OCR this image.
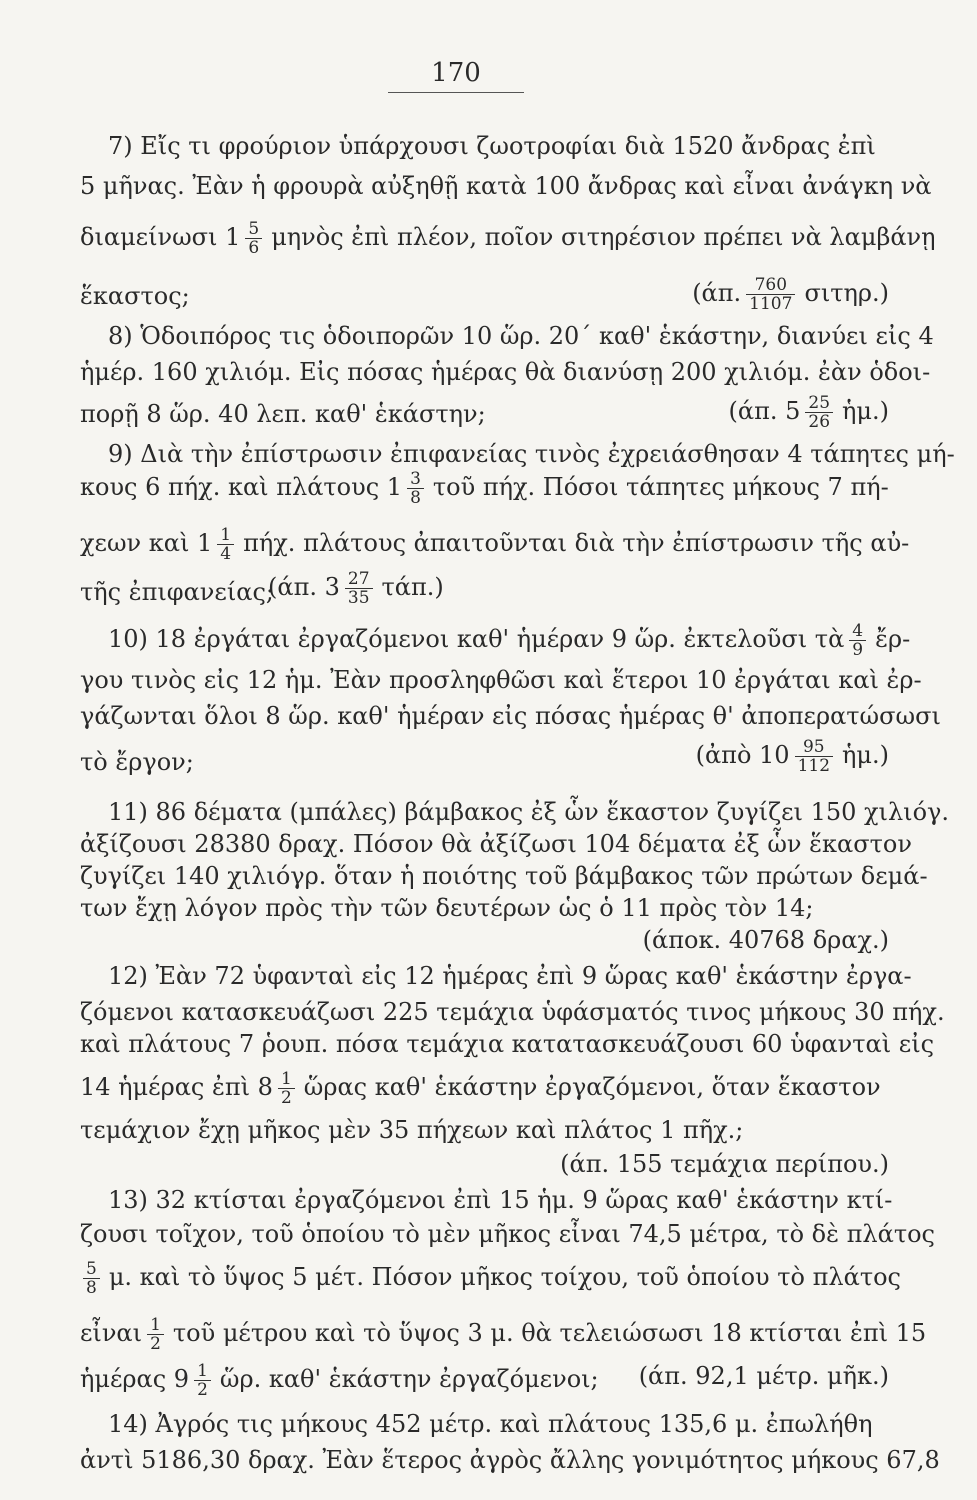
170
7) Εἴς τι φρούριον ὑπάρχουσι ζωοτροφίαι διὰ 1520 ἄνδρας ἐπὶ
5 μῆνας. Ἐὰν ἡ φρουρὰ αὐξηθῇ κατὰ 100 ἄνδρας καὶ εἶναι ἀνάγκη νὰ
διαμείνωσι $1 \frac{5}{6}$ μηνὸς ἐπὶ πλέον, ποῖον σιτηρέσιον πρέπει νὰ λαμβάνῃ
ἕκαστος;	(άπ. $\frac{760}{1107} \sigma\iota\tau\eta\rho$.)
8) Ὁδοιπόρος τις ὁδοιπορῶν 10 ὥρ. 20΄ καθ' ἑκάστην, διανύει εἰς 4
ἡμέρ. 160 χιλιόμ. Εἰς πόσας ἡμέρας θὰ διανύσῃ 200 χιλιόμ. ἐὰν ὁδοι-
πορῇ 8 ὥρ. 40 λεπ. καθ' ἑκάστην;	(άπ. $5 \frac{25}{26}$ ἡμ.)
9) Διὰ τὴν ἐπίστρωσιν ἐπιφανείας τινὸς ἐχρειάσθησαν 4 τάπητες μή-
κους 6 πήχ. καὶ πλάτους $1 \frac{3}{8}$ τοῦ πήχ. Πόσοι τάπητες μήκους 7 πή-
χεων καὶ $1 \frac{1}{4} \pi ή\chi$. πλάτους ἀπαιτοῦνται διὰ τὴν ἐπίστρωσιν τῆς αὐ-
τῆς ἐπιφανείας;
(άπ. $3 \frac{27}{35} \tau ά\pi$.)
10) 18 ἐργάται ἐργαζόμενοι καθ' ἡμέραν 9 ὥρ. ἐκτελοῦσι τὰ $\frac{4}{9}$ ἔρ-
γου τινὸς εἰς 12 ἡμ. Ἐὰν προσληφθῶσι καὶ ἕτεροι 10 ἐργάται καὶ ἐρ-
γάζωνται ὅλοι 8 ὥρ. καθ' ἡμέραν εἰς πόσας ἡμέρας θ' ἀποπερατώσωσι
τὸ ἔργον;	(ἀπὸ $10 \frac{95}{112}$ ἡμ.)
11) 86 δέματα (μπάλες) βάμβακος ἐξ ὧν ἕκαστον ζυγίζει 150 χιλιόγ.
ἀξίζουσι 28380 δραχ. Πόσον θὰ ἀξίζωσι 104 δέματα ἐξ ὧν ἕκαστον
ζυγίζει 140 χιλιόγρ. ὅταν ἡ ποιότης τοῦ βάμβακος τῶν πρώτων δεμά-
των ἔχῃ λόγον πρὸς τὴν τῶν δευτέρων ὡς ὁ 11 πρὸς τὸν 14;
(άποκ. 40768 δραχ.)
12) Ἐὰν 72 ὑφανταὶ εἰς 12 ἡμέρας ἐπὶ 9 ὥρας καθ' ἑκάστην ἐργα-
ζόμενοι κατασκευάζωσι 225 τεμάχια ὑφάσματός τινος μήκους 30 πήχ.
καὶ πλάτους 7 ῥουπ. πόσα τεμάχια κατατασκευάζουσι 60 ὑφανταὶ εἰς
14 ἡμέρας ἐπὶ $8 \frac{1}{2}$ ὥρας καθ' ἑκάστην ἐργαζόμενοι, ὅταν ἕκαστον
τεμάχιον ἔχῃ μῆκος μὲν 35 πήχεων καὶ πλάτος 1 πῆχ.;
(άπ. 155 τεμάχια περίπου.)
13) 32 κτίσται ἐργαζόμενοι ἐπὶ 15 ἡμ. 9 ὥρας καθ' ἑκάστην κτί-
ζουσι τοῖχον, τοῦ ὁποίου τὸ μὲν μῆκος εἶναι 74,5 μέτρα, τὸ δὲ πλάτος
$\frac{5}{8} \mu$. καὶ τὸ ὕψος 5 μέτ. Πόσον μῆκος τοίχου, τοῦ ὁποίου τὸ πλάτος
εἶναι $\frac{1}{2}$ τοῦ μέτρου καὶ τὸ ὕψος 3 μ. θὰ τελειώσωσι 18 κτίσται ἐπὶ 15
ἡμέρας $9 \frac{1}{2}$ ὥρ. καθ' ἑκάστην ἐργαζόμενοι; (άπ. 92,1 μέτρ. μῆκ.)
14) Ἀγρός τις μήκους 452 μέτρ. καὶ πλάτους 135,6 μ. ἐπωλήθη
ἀντὶ 5186,30 δραχ. Ἐὰν ἕτερος ἀγρὸς ἄλλης γονιμότητος μήκους 67,8
